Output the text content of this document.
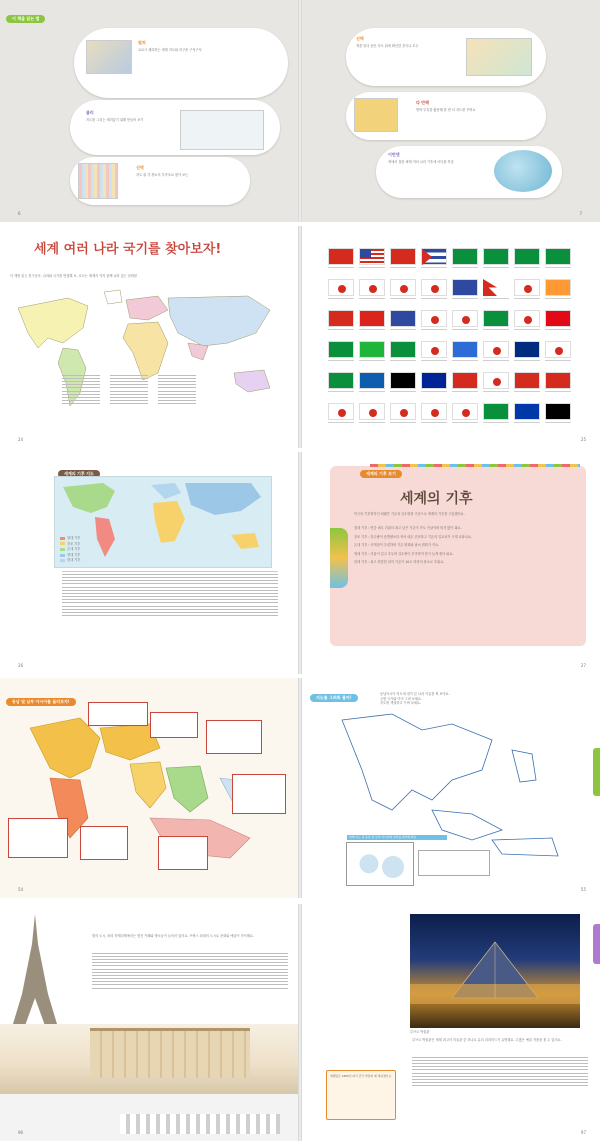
이 책을 읽는 법
펼쳐
교로크 챌라하는 세계 지도와 지구촌 구석구석
클러
지도를 그리는 재미있기 위해 만들어 보기
선택
지도 위 각 장소의 부족조로 찾아 보는
6
선택
책을 읽다 동안 지도 위에 확인한 흔이나 모두
다 만해
방학 부록을 활용해 한 번 더 지도를 꾸며요
이번엔
책에서 접한 세계 여러 나라 기후에 어디를 직접
7
세계 여러 나라 국기를 찾아보자!
이 책을 읽는 친구들아, 나라와 국기를 연결해 보. 흐르는 세계지 각지 함께 나라 있는 문화를
24	25
세계의 기후 지도
열대 기후
건조 기후
온대 기후
냉대 기후
한대 기후
26
세계의 기후 보기
세계의 기후
북극의 기후학자인 쾨펜은 기온과 강수량을 기준으로 세계의 기후를 구분했어요.
열대 기후 : 연중 매우 더워서 최고 낮은 기온이 가도 이상이며 비가 많이 와요.
건조 기후 : 강우량이 증발량보다 적어 매우 건조하고 기온의 일교차가 크게 나타나요.
온대 기후 : 사계절이 뚜렷하며 기온 변화와 날씨 변화가 커요.
냉대 기후 : 겨울이 길고 추우며 강수량이 부족하여 봄이 늦게 찾아 와요.
한대 기후 : 최고 따뜻한 달의 기온이 10도 미만의 장소로 추워요.
27
동남 및 남부 아시아를 둘러보자!
54
지도를 그려봐 볼까!
동남아시아 지도에 내가 본 나라 이름을 써 보아요.
주변 국가와 이어 그려 보세요.
지도를 색칠하고 꾸며 보세요.
세계 지도 위 동남 및 남부 아시아의 위치를 찾아봐 봐요
55
빛의 도시, 파리 샹제리제에서는 멋진 카페와 명소들이 늘어서 있어요. 프랑스 최대의 도시로 문화와 예술이 가득해요.
96
루브르 박물관
루브르 박물관은 세계 최고의 미술관 중 하나로 유리 피라미드가 유명해요. 수많은 예술 작품을 볼 수 있어요.
에펠탑은 1889년 파리 만국 박람회 때 세워졌어요.
97
